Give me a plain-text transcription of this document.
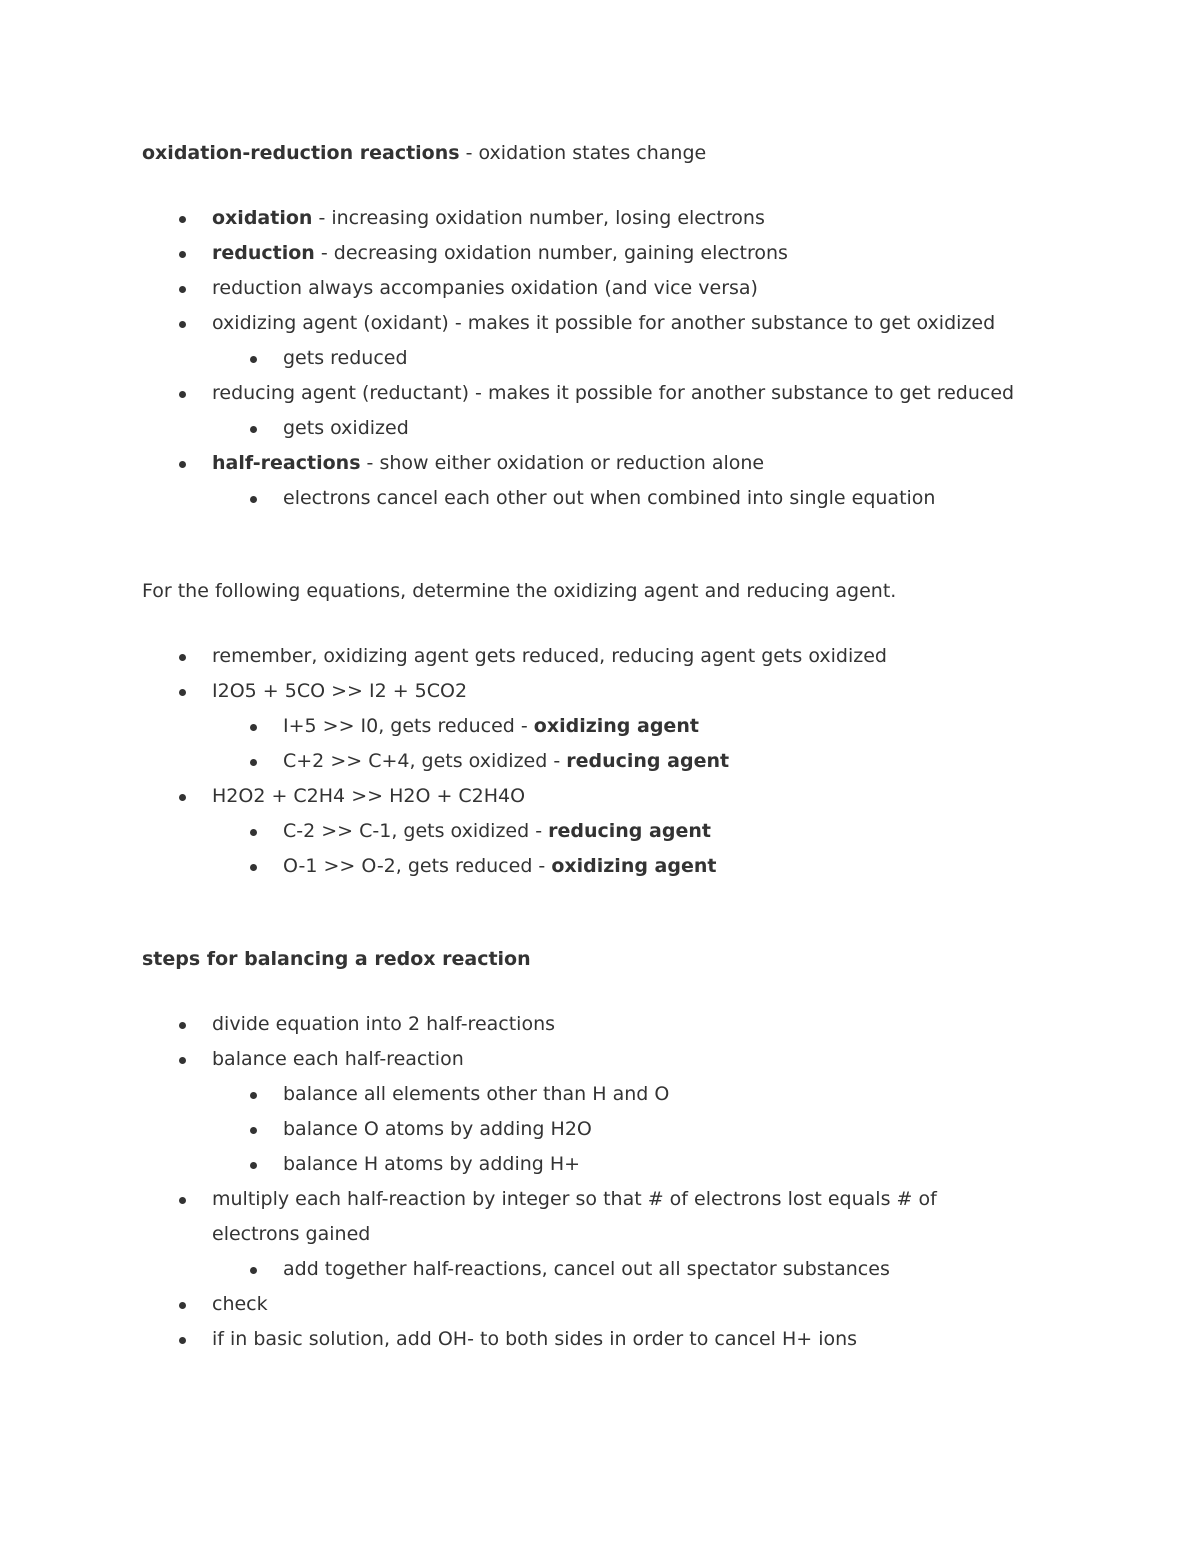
oxidation-reduction reactions - oxidation states change

oxidation - increasing oxidation number, losing electrons
reduction - decreasing oxidation number, gaining electrons
reduction always accompanies oxidation (and vice versa)
oxidizing agent (oxidant) - makes it possible for another substance to get oxidized
gets reduced
reducing agent (reductant) - makes it possible for another substance to get reduced
gets oxidized
half-reactions - show either oxidation or reduction alone
electrons cancel each other out when combined into single equation

For the following equations, determine the oxidizing agent and reducing agent.

remember, oxidizing agent gets reduced, reducing agent gets oxidized
I2O5 + 5CO >> I2 + 5CO2
I+5 >> I0, gets reduced - oxidizing agent
C+2 >> C+4, gets oxidized - reducing agent
H2O2 + C2H4 >> H2O + C2H4O
C-2 >> C-1, gets oxidized - reducing agent
O-1 >> O-2, gets reduced - oxidizing agent

steps for balancing a redox reaction

divide equation into 2 half-reactions
balance each half-reaction
balance all elements other than H and O
balance O atoms by adding H2O
balance H atoms by adding H+
multiply each half-reaction by integer so that # of electrons lost equals # of electrons gained
add together half-reactions, cancel out all spectator substances
check
if in basic solution, add OH- to both sides in order to cancel H+ ions
